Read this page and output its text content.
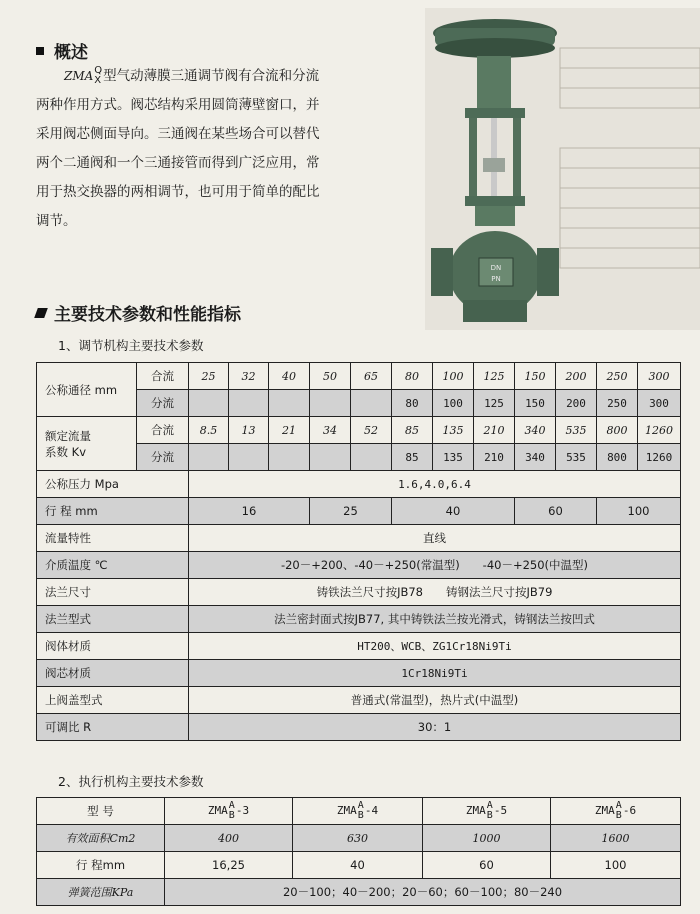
概述
ZMA Q
X 型气动薄膜三通调节阀有合流和分流
两种作用方式。阀芯结构采用圆筒薄壁窗口，并
采用阀芯侧面导向。三通阀在某些场合可以替代
两个二通阀和一个三通接管而得到广泛应用，常
用于热交换器的两相调节，也可用于简单的配比
调节。
DN
PN
主要技术参数和性能指标
1、调节机构主要技术参数
公称通径 mm	合流	25	32	40	50	65	80	100	125	150	200	250	300
	分流						80	100	125	150	200	250	300

额定流量
系数 Kv	合流	8.5	13	21	34	52	85	135	210	340	535	800	1260
	分流						85	135	210	340	535	800	1260
公称压力 Mpa		1.6,4.0,6.4											
行 程 mm		16			25		40			60		100	
流量特性		直线											
介质温度 ℃		-20－+200、-40－+250(常温型)　　-40－+250(中温型)											
法兰尺寸		铸铁法兰尺寸按JB78　　铸钢法兰尺寸按JB79											
法兰型式		法兰密封面式按JB77, 其中铸铁法兰按光滑式，铸钢法兰按凹式											
阀体材质		HT200、WCB、ZG1Cr18Ni9Ti											
阀芯材质		1Cr18Ni9Ti											
上阀盖型式		普通式(常温型)，热片式(中温型)											
可调比 R		30：1											
2、执行机构主要技术参数
型 号	ZMA A
B -3	ZMA A
B -4	ZMA A
B -5	ZMA A
B -6
有效面积Cm2	400	630	1000	1600
行 程mm	16,25	40	60	100
弹簧范围KPa	20－100；40－200；20－60；60－100；80－240			
